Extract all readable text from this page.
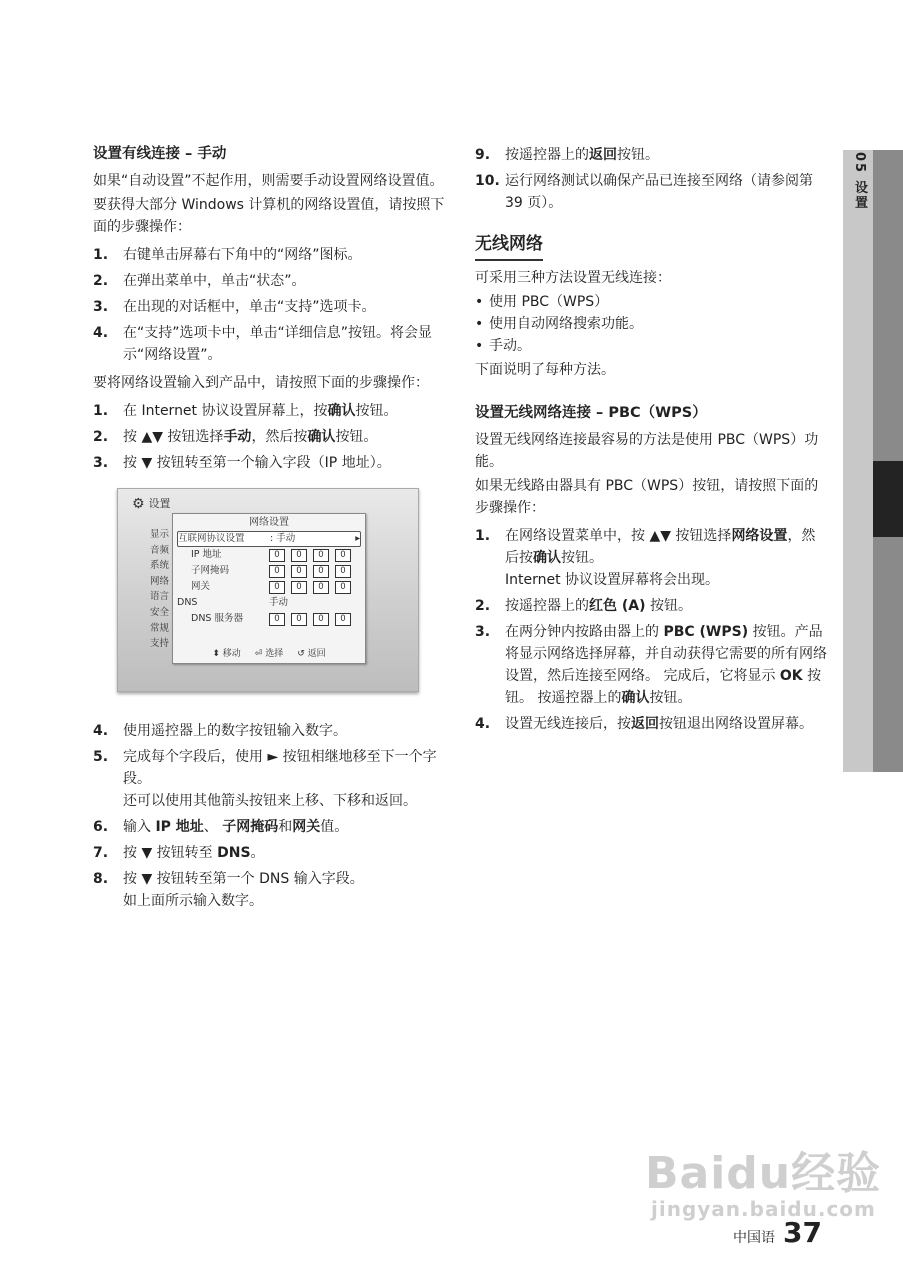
05 设置
设置有线连接 – 手动

如果“自动设置”不起作用，则需要手动设置网络设置值。

要获得大部分 Windows 计算机的网络设置值，请按照下面的步骤操作：

1.	右键单击屏幕右下角中的“网络”图标。
2.	在弹出菜单中，单击“状态”。
3.	在出现的对话框中，单击“支持”选项卡。
4.	在“支持”选项卡中，单击“详细信息”按钮。将会显示“网络设置”。

要将网络设置输入到产品中，请按照下面的步骤操作：

1.	在 Internet 协议设置屏幕上，按确认按钮。
2.	按 ▲▼ 按钮选择手动，然后按确认按钮。
3.	按 ▼ 按钮转至第一个输入字段（IP 地址）。
⚙ 设置
显示
音频
系统
网络
语言
安全
常规
支持
网络设置
互联网协议设置	: 手动	▸
IP 地址	0	0	0	0
子网掩码	0	0	0	0
网关	0	0	0	0
DNS	手动
DNS 服务器	0	0	0	0
⬍ 移动 ⏎ 选择 ↺ 返回
4.	使用遥控器上的数字按钮输入数字。
5.	完成每个字段后，使用 ► 按钮相继地移至下一个字段。
还可以使用其他箭头按钮来上移、下移和返回。
6.	输入 IP 地址、 子网掩码和网关值。
7.	按 ▼ 按钮转至 DNS。
8.	按 ▼ 按钮转至第一个 DNS 输入字段。
如上面所示输入数字。
9.	按遥控器上的返回按钮。
10. 运行网络测试以确保产品已连接至网络（请参阅第 39 页）。
无线网络

可采用三种方法设置无线连接：

• 使用 PBC（WPS）
• 使用自动网络搜索功能。
• 手动。

下面说明了每种方法。

设置无线网络连接 – PBC（WPS）

设置无线网络连接最容易的方法是使用 PBC（WPS）功能。

如果无线路由器具有 PBC（WPS）按钮，请按照下面的步骤操作：

1.	在网络设置菜单中，按 ▲▼ 按钮选择网络设置，然后按确认按钮。
Internet 协议设置屏幕将会出现。
2.	按遥控器上的红色 (A) 按钮。
3.	在两分钟内按路由器上的 PBC (WPS) 按钮。产品将显示网络选择屏幕，并自动获得它需要的所有网络设置，然后连接至网络。 完成后，它将显示 OK 按钮。 按遥控器上的确认按钮。
4.	设置无线连接后，按返回按钮退出网络设置屏幕。
Baidu经验
jingyan.baidu.com
中国语 37
